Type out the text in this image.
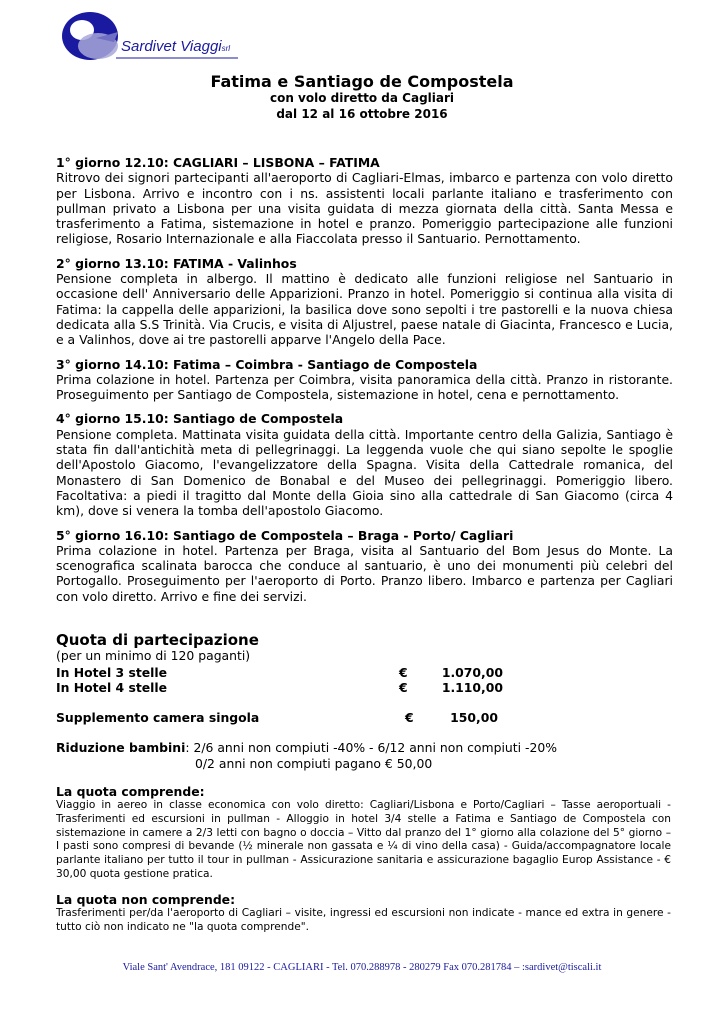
Sardivet Viaggisrl
Fatima e Santiago de Compostela
con volo diretto da Cagliari
dal 12 al 16 ottobre 2016
1° giorno 12.10: CAGLIARI – LISBONA – FATIMA

Ritrovo dei signori partecipanti all'aeroporto di Cagliari-Elmas, imbarco e partenza con volo diretto per Lisbona. Arrivo e incontro con i ns. assistenti locali parlante italiano e trasferimento con pullman privato a Lisbona per una visita guidata di mezza giornata della città. Santa Messa e trasferimento a Fatima, sistemazione in hotel e pranzo. Pomeriggio partecipazione alle funzioni religiose, Rosario Internazionale e alla Fiaccolata presso il Santuario. Pernottamento.

2° giorno 13.10: FATIMA - Valinhos

Pensione completa in albergo. Il mattino è dedicato alle funzioni religiose nel Santuario in occasione dell' Anniversario delle Apparizioni. Pranzo in hotel. Pomeriggio si continua alla visita di Fatima: la cappella delle apparizioni, la basilica dove sono sepolti i tre pastorelli e la nuova chiesa dedicata alla S.S Trinità. Via Crucis, e visita di Aljustrel, paese natale di Giacinta, Francesco e Lucia, e a Valinhos, dove ai tre pastorelli apparve l'Angelo della Pace.

3° giorno 14.10: Fatima – Coimbra - Santiago de Compostela

Prima colazione in hotel. Partenza per Coimbra, visita panoramica della città. Pranzo in ristorante. Proseguimento per Santiago de Compostela, sistemazione in hotel, cena e pernottamento.

4° giorno 15.10: Santiago de Compostela

Pensione completa. Mattinata visita guidata della città. Importante centro della Galizia, Santiago è stata fin dall'antichità meta di pellegrinaggi. La leggenda vuole che qui siano sepolte le spoglie dell'Apostolo Giacomo, l'evangelizzatore della Spagna. Visita della Cattedrale romanica, del Monastero di San Domenico de Bonabal e del Museo dei pellegrinaggi. Pomeriggio libero. Facoltativa: a piedi il tragitto dal Monte della Gioia sino alla cattedrale di San Giacomo (circa 4 km), dove si venera la tomba dell'apostolo Giacomo.

5° giorno 16.10: Santiago de Compostela – Braga - Porto/ Cagliari

Prima colazione in hotel. Partenza per Braga, visita al Santuario del Bom Jesus do Monte. La scenografica scalinata barocca che conduce al santuario, è uno dei monumenti più celebri del Portogallo. Proseguimento per l'aeroporto di Porto. Pranzo libero. Imbarco e partenza per Cagliari con volo diretto. Arrivo e fine dei servizi.

Quota di partecipazione
(per un minimo di 120 paganti)
In Hotel 3 stelle	€	1.070,00
In Hotel 4 stelle	€	1.110,00
Supplemento camera singola	€	150,00
Riduzione bambini: 2/6 anni non compiuti -40% - 6/12 anni non compiuti -20%
0/2 anni non compiuti pagano € 50,00
La quota comprende:
Viaggio in aereo in classe economica con volo diretto: Cagliari/Lisbona e Porto/Cagliari – Tasse aeroportuali - Trasferimenti ed escursioni in pullman - Alloggio in hotel 3/4 stelle a Fatima e Santiago de Compostela con sistemazione in camere a 2/3 letti con bagno o doccia – Vitto dal pranzo del 1° giorno alla colazione del 5° giorno – I pasti sono compresi di bevande (½ minerale non gassata e ¼ di vino della casa) - Guida/accompagnatore locale parlante italiano per tutto il tour in pullman - Assicurazione sanitaria e assicurazione bagaglio Europ Assistance - € 30,00 quota gestione pratica.
La quota non comprende:
Trasferimenti per/da l'aeroporto di Cagliari – visite, ingressi ed escursioni non indicate - mance ed extra in genere - tutto ciò non indicato ne "la quota comprende".
Viale Sant' Avendrace, 181 09122 - CAGLIARI - Tel. 070.288978 - 280279 Fax 070.281784 – :sardivet@tiscali.it
